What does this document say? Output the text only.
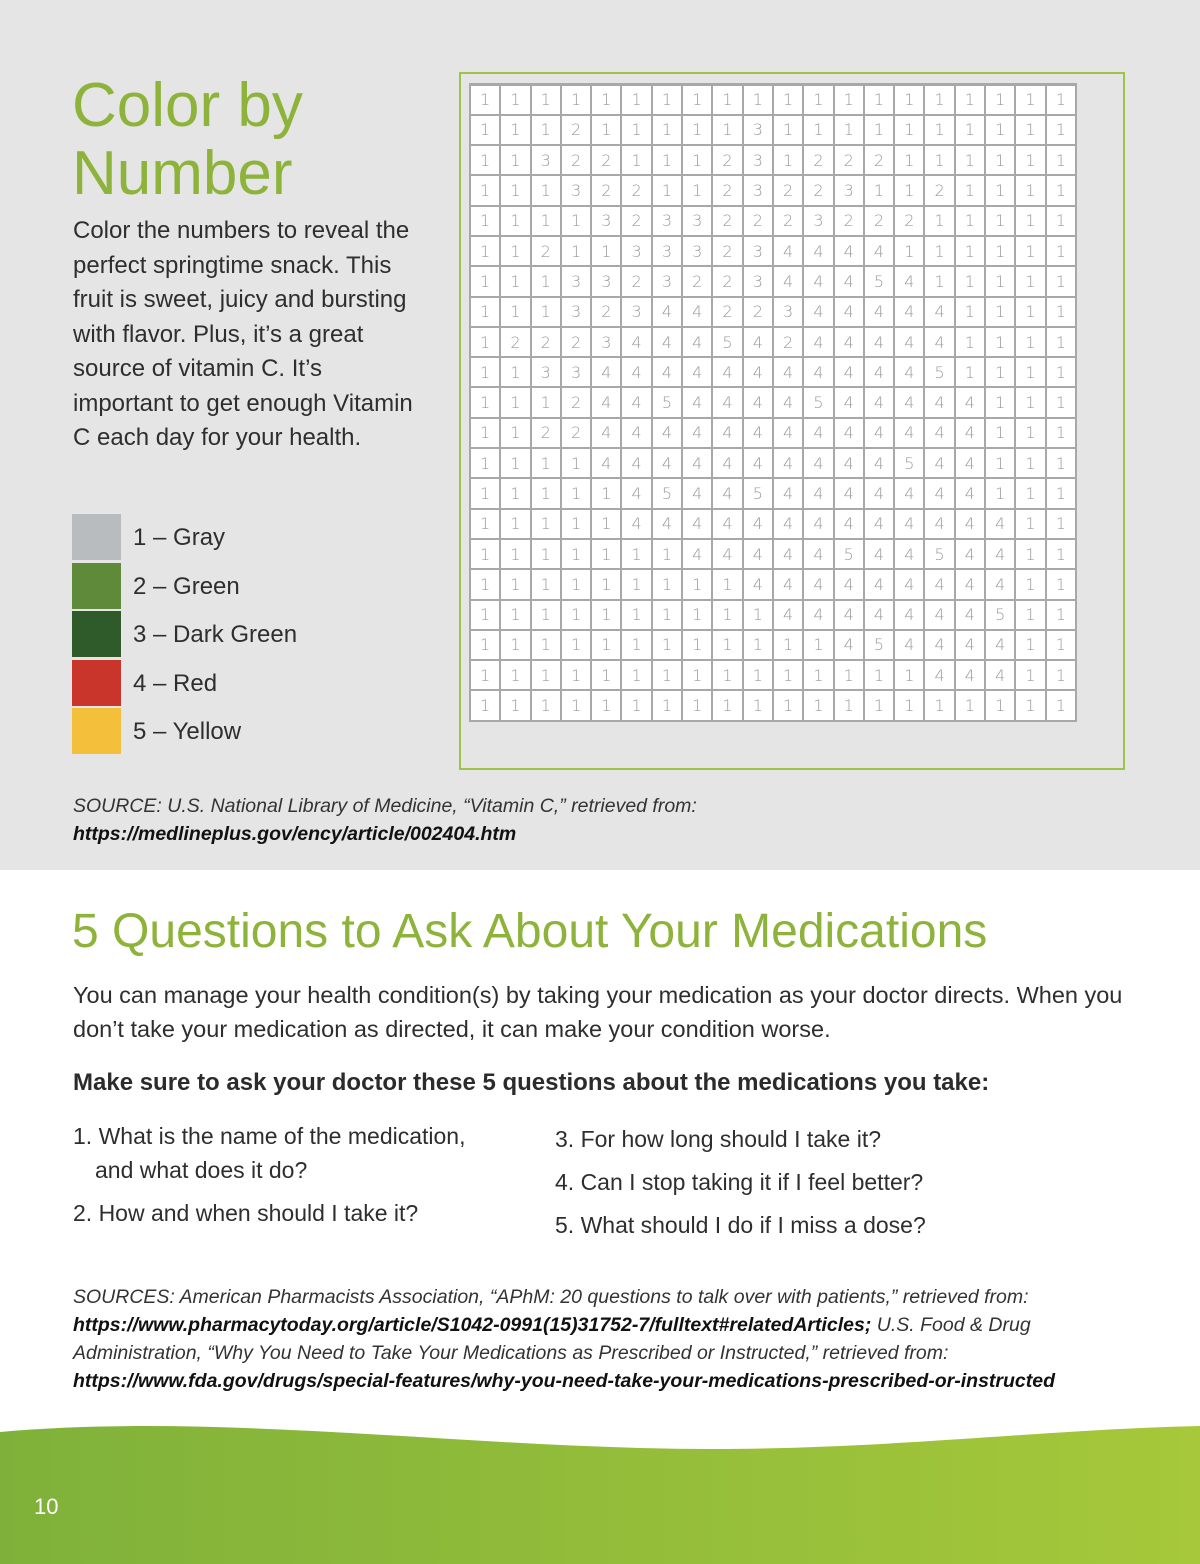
Color by Number

Color the numbers to reveal the perfect springtime snack. This fruit is sweet, juicy and bursting with flavor. Plus, it’s a great source of vitamin C. It’s important to get enough Vitamin C each day for your health.

1 – Gray
2 – Green
3 – Dark Green
4 – Red
5 – Yellow
1	1	1	1	1	1	1	1	1	1	1	1	1	1	1	1	1	1	1	1
1	1	1	2	1	1	1	1	1	3	1	1	1	1	1	1	1	1	1	1
1	1	3	2	2	1	1	1	2	3	1	2	2	2	1	1	1	1	1	1
1	1	1	3	2	2	1	1	2	3	2	2	3	1	1	2	1	1	1	1
1	1	1	1	3	2	3	3	2	2	2	3	2	2	2	1	1	1	1	1
1	1	2	1	1	3	3	3	2	3	4	4	4	4	1	1	1	1	1	1
1	1	1	3	3	2	3	2	2	3	4	4	4	5	4	1	1	1	1	1
1	1	1	3	2	3	4	4	2	2	3	4	4	4	4	4	1	1	1	1
1	2	2	2	3	4	4	4	5	4	2	4	4	4	4	4	1	1	1	1
1	1	3	3	4	4	4	4	4	4	4	4	4	4	4	5	1	1	1	1
1	1	1	2	4	4	5	4	4	4	4	5	4	4	4	4	4	1	1	1
1	1	2	2	4	4	4	4	4	4	4	4	4	4	4	4	4	1	1	1
1	1	1	1	4	4	4	4	4	4	4	4	4	4	5	4	4	1	1	1
1	1	1	1	1	4	5	4	4	5	4	4	4	4	4	4	4	1	1	1
1	1	1	1	1	4	4	4	4	4	4	4	4	4	4	4	4	4	1	1
1	1	1	1	1	1	1	4	4	4	4	4	5	4	4	5	4	4	1	1
1	1	1	1	1	1	1	1	1	4	4	4	4	4	4	4	4	4	1	1
1	1	1	1	1	1	1	1	1	1	4	4	4	4	4	4	4	5	1	1
1	1	1	1	1	1	1	1	1	1	1	1	4	5	4	4	4	4	1	1
1	1	1	1	1	1	1	1	1	1	1	1	1	1	1	4	4	4	1	1
1	1	1	1	1	1	1	1	1	1	1	1	1	1	1	1	1	1	1	1

SOURCE: U.S. National Library of Medicine, “Vitamin C,” retrieved from: https://medlineplus.gov/ency/article/002404.htm

5 Questions to Ask About Your Medications

You can manage your health condition(s) by taking your medication as your doctor directs. When you don’t take your medication as directed, it can make your condition worse.

Make sure to ask your doctor these 5 questions about the medications you take:

1. What is the name of the medication,
and what does it do?

2. How and when should I take it?

3. For how long should I take it?

4. Can I stop taking it if I feel better?

5. What should I do if I miss a dose?

SOURCES: American Pharmacists Association, “APhM: 20 questions to talk over with patients,” retrieved from: https://www.pharmacytoday.org/article/S1042-0991(15)31752-7/fulltext#relatedArticles; U.S. Food & Drug Administration, “Why You Need to Take Your Medications as Prescribed or Instructed,” retrieved from: https://www.fda.gov/drugs/special-features/why-you-need-take-your-medications-prescribed-or-instructed

10
